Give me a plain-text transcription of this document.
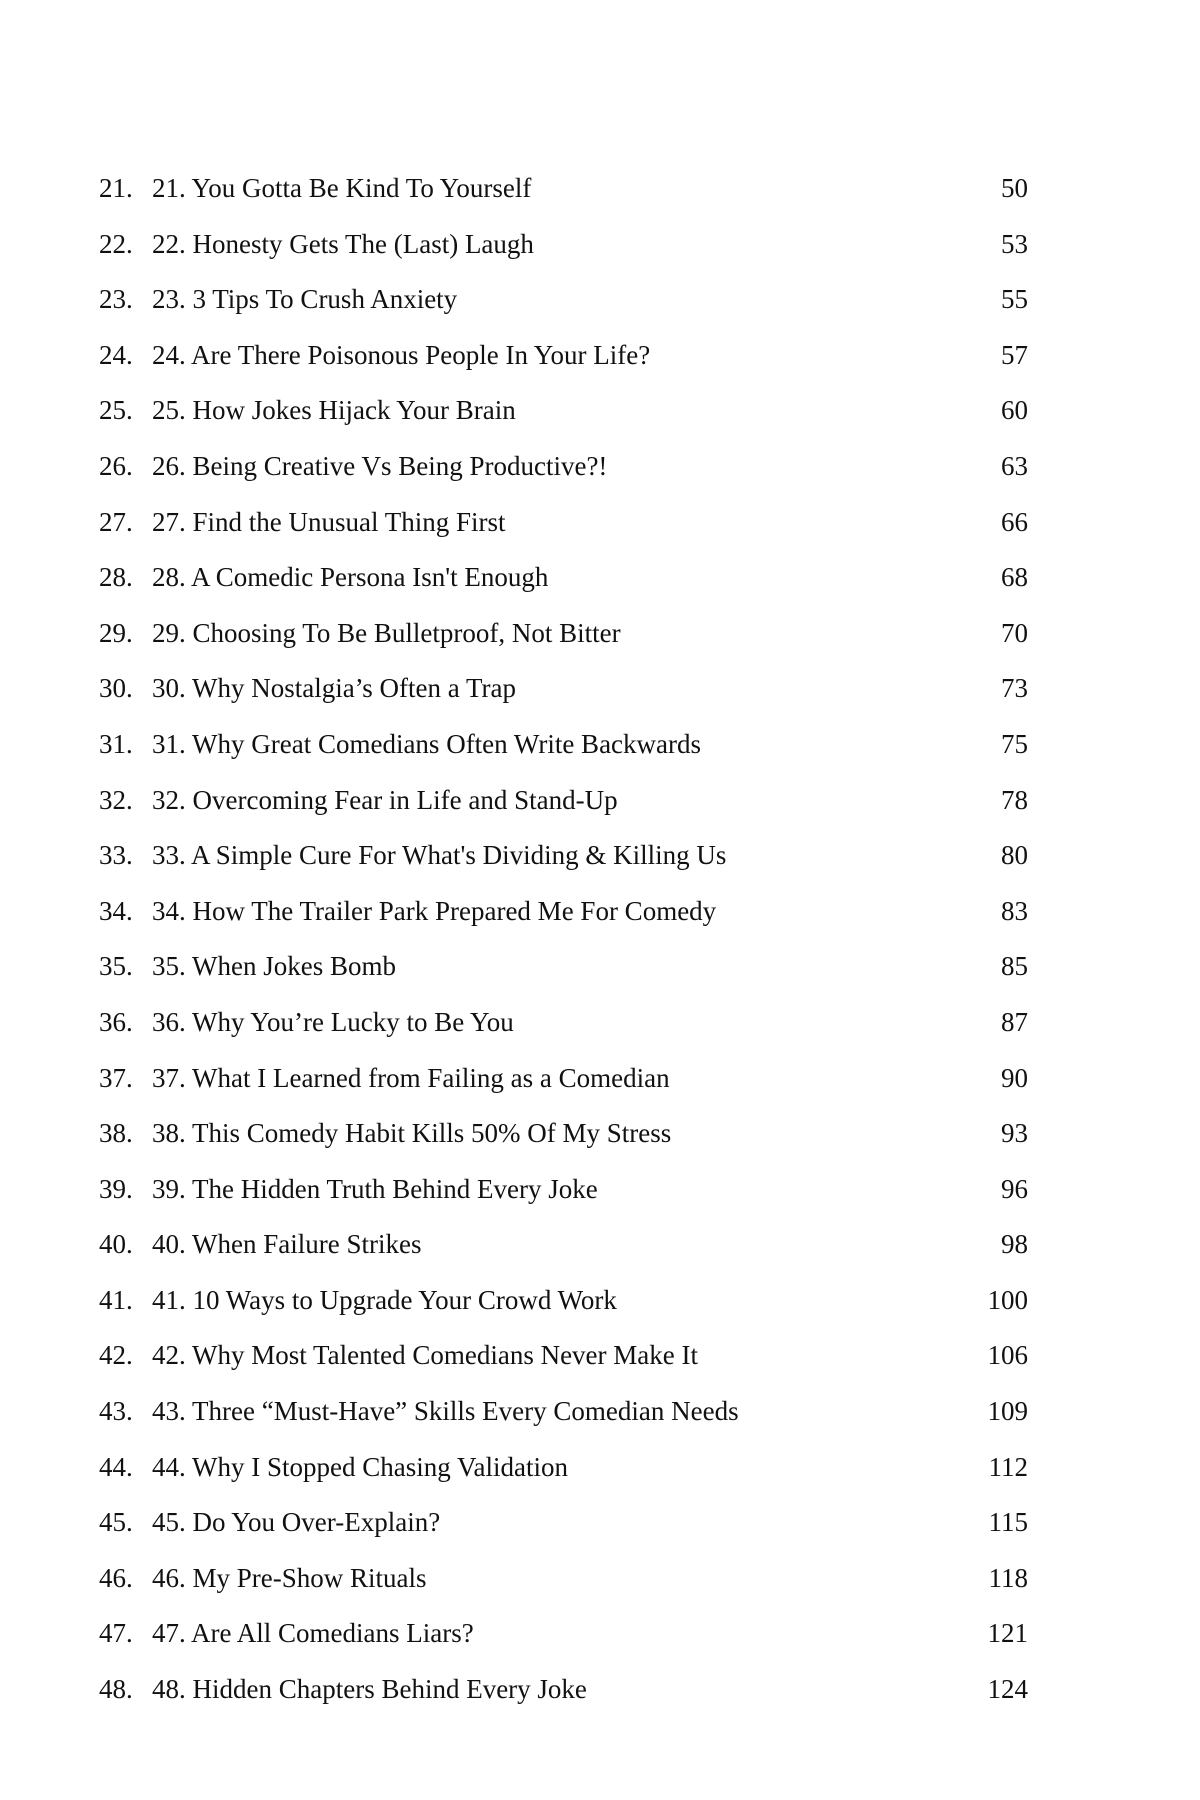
21. 21. You Gotta Be Kind To Yourself	50
22. 22. Honesty Gets The (Last) Laugh	53
23. 23. 3 Tips To Crush Anxiety	55
24. 24. Are There Poisonous People In Your Life?	57
25. 25. How Jokes Hijack Your Brain	60
26. 26. Being Creative Vs Being Productive?!	63
27. 27. Find the Unusual Thing First	66
28. 28. A Comedic Persona Isn't Enough	68
29. 29. Choosing To Be Bulletproof, Not Bitter	70
30. 30. Why Nostalgia’s Often a Trap	73
31. 31. Why Great Comedians Often Write Backwards	75
32. 32. Overcoming Fear in Life and Stand-Up	78
33. 33. A Simple Cure For What's Dividing & Killing Us	80
34. 34. How The Trailer Park Prepared Me For Comedy	83
35. 35. When Jokes Bomb	85
36. 36. Why You’re Lucky to Be You	87
37. 37. What I Learned from Failing as a Comedian	90
38. 38. This Comedy Habit Kills 50% Of My Stress	93
39. 39. The Hidden Truth Behind Every Joke	96
40. 40. When Failure Strikes	98
41. 41. 10 Ways to Upgrade Your Crowd Work	100
42. 42. Why Most Talented Comedians Never Make It	106
43. 43. Three “Must-Have” Skills Every Comedian Needs	109
44. 44. Why I Stopped Chasing Validation	112
45. 45. Do You Over-Explain?	115
46. 46. My Pre-Show Rituals	118
47. 47. Are All Comedians Liars?	121
48. 48. Hidden Chapters Behind Every Joke	124
